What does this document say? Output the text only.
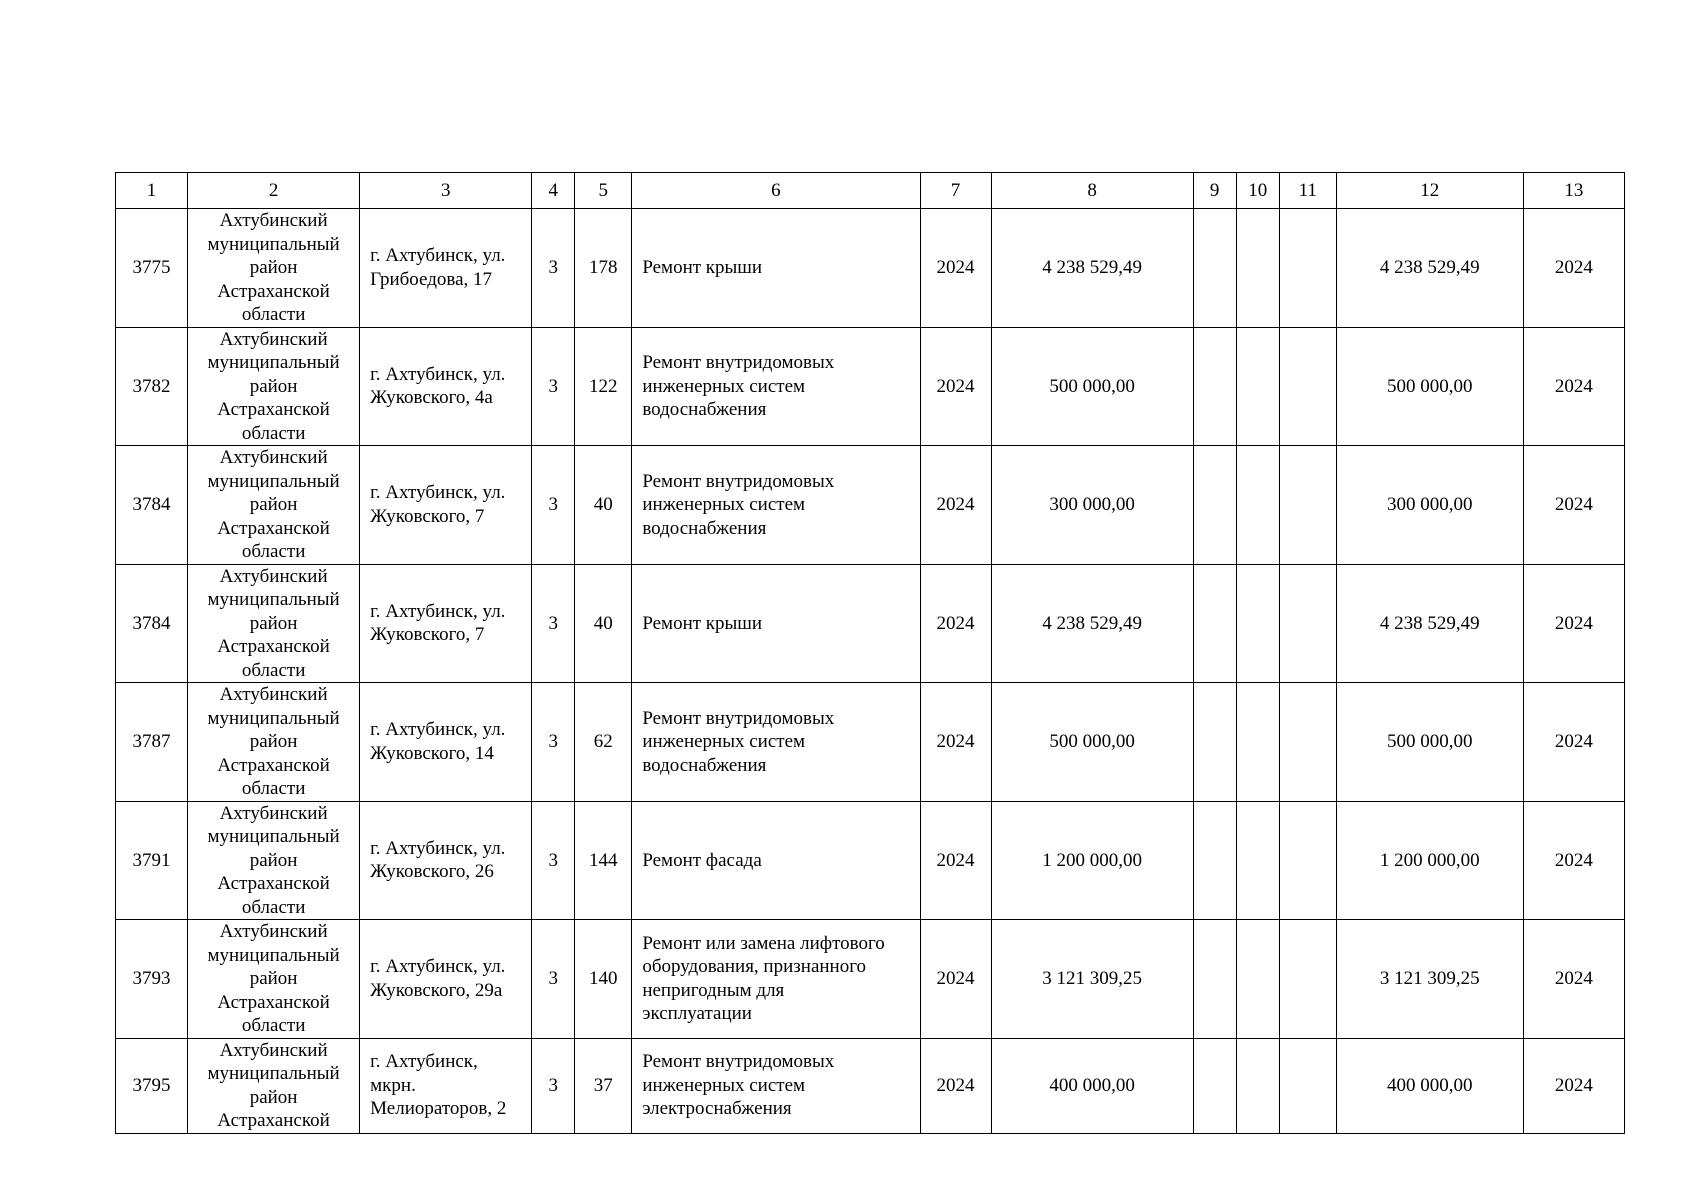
1	2	3	4	5	6	7	8	9	10	11	12	13
3775	Ахтубинский
муниципальный
район
Астраханской
области	г. Ахтубинск, ул.
Грибоедова, 17	3	178	Ремонт крыши	2024	4 238 529,49				4 238 529,49	2024
3782	Ахтубинский
муниципальный
район
Астраханской
области	г. Ахтубинск, ул.
Жуковского, 4а	3	122	Ремонт внутридомовых
инженерных систем
водоснабжения	2024	500 000,00				500 000,00	2024
3784	Ахтубинский
муниципальный
район
Астраханской
области	г. Ахтубинск, ул.
Жуковского, 7	3	40	Ремонт внутридомовых
инженерных систем
водоснабжения	2024	300 000,00				300 000,00	2024
3784	Ахтубинский
муниципальный
район
Астраханской
области	г. Ахтубинск, ул.
Жуковского, 7	3	40	Ремонт крыши	2024	4 238 529,49				4 238 529,49	2024
3787	Ахтубинский
муниципальный
район
Астраханской
области	г. Ахтубинск, ул.
Жуковского, 14	3	62	Ремонт внутридомовых
инженерных систем
водоснабжения	2024	500 000,00				500 000,00	2024
3791	Ахтубинский
муниципальный
район
Астраханской
области	г. Ахтубинск, ул.
Жуковского, 26	3	144	Ремонт фасада	2024	1 200 000,00				1 200 000,00	2024
3793	Ахтубинский
муниципальный
район
Астраханской
области	г. Ахтубинск, ул.
Жуковского, 29а	3	140	Ремонт или замена лифтового
оборудования, признанного
непригодным для
эксплуатации	2024	3 121 309,25				3 121 309,25	2024
3795	Ахтубинский
муниципальный
район
Астраханской	г. Ахтубинск,
мкрн.
Мелиораторов, 2	3	37	Ремонт внутридомовых
инженерных систем
электроснабжения	2024	400 000,00				400 000,00	2024
